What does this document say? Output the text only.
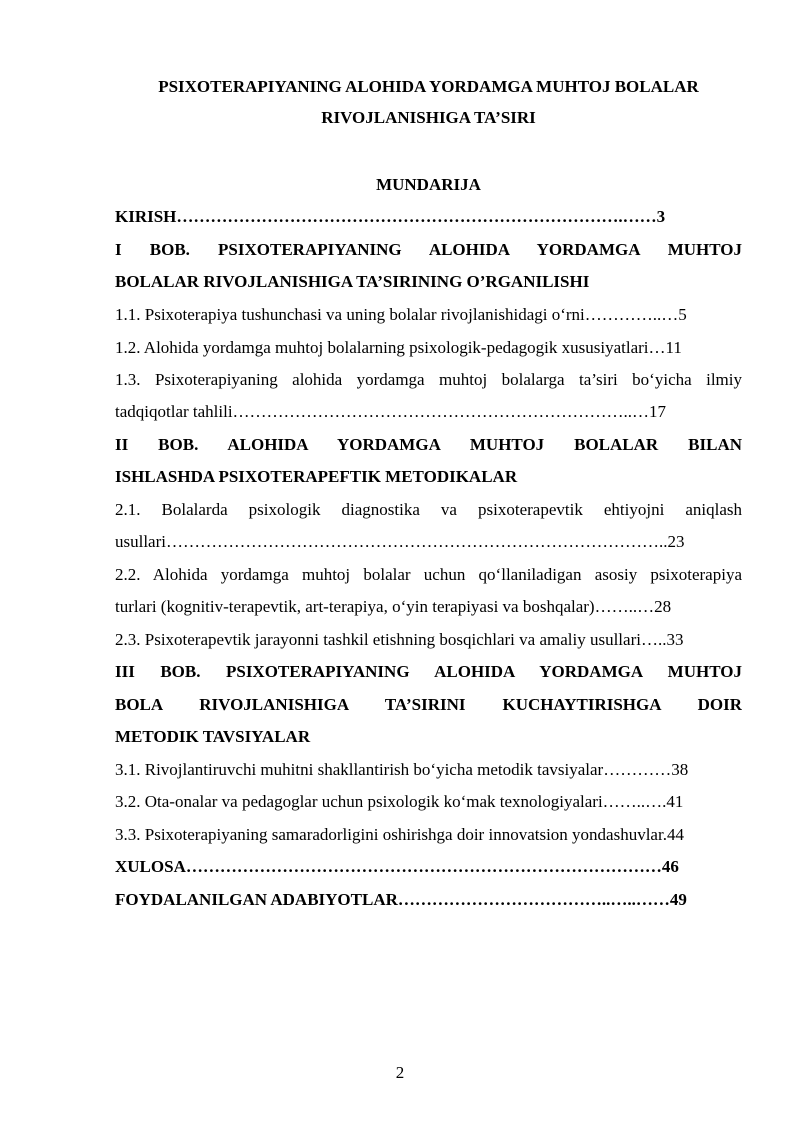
PSIXOTERAPIYANING ALOHIDA YORDAMGA MUHTOJ BOLALAR
RIVOJLANISHIGA TA’SIRI
MUNDARIJA
KIRISH…………………………………………………………………….……3
I BOB. PSIXOTERAPIYANING ALOHIDA YORDAMGA MUHTOJ
BOLALAR RIVOJLANISHIGA TA’SIRINING O’RGANILISHI
1.1. Psixoterapiya tushunchasi va uning bolalar rivojlanishidagi o‘rni…………..…5
1.2. Alohida yordamga muhtoj bolalarning psixologik-pedagogik xususiyatlari…11
1.3. Psixoterapiyaning alohida yordamga muhtoj bolalarga ta’siri bo‘yicha ilmiy
tadqiqotlar tahlili……………………………………………………………..…17
II BOB. ALOHIDA YORDAMGA MUHTOJ BOLALAR BILAN
ISHLASHDA PSIXOTERAPEFTIK METODIKALAR
2.1. Bolalarda psixologik diagnostika va psixoterapevtik ehtiyojni aniqlash
usullari……………………………………………………………………………..23
2.2. Alohida yordamga muhtoj bolalar uchun qo‘llaniladigan asosiy psixoterapiya
turlari (kognitiv-terapevtik, art-terapiya, o‘yin terapiyasi va boshqalar)……..…28
2.3. Psixoterapevtik jarayonni tashkil etishning bosqichlari va amaliy usullari…..33
III BOB. PSIXOTERAPIYANING ALOHIDA YORDAMGA MUHTOJ
BOLA RIVOJLANISHIGA TA’SIRINI KUCHAYTIRISHGA DOIR
METODIK TAVSIYALAR
3.1. Rivojlantiruvchi muhitni shakllantirish bo‘yicha metodik tavsiyalar…………38
3.2. Ota-onalar va pedagoglar uchun psixologik ko‘mak texnologiyalari……..….41
3.3. Psixoterapiyaning samaradorligini oshirishga doir innovatsion yondashuvlar.44
XULOSA…………………………………………………………………………46
FOYDALANILGAN ADABIYOTLAR………………………………..…..……49
2
